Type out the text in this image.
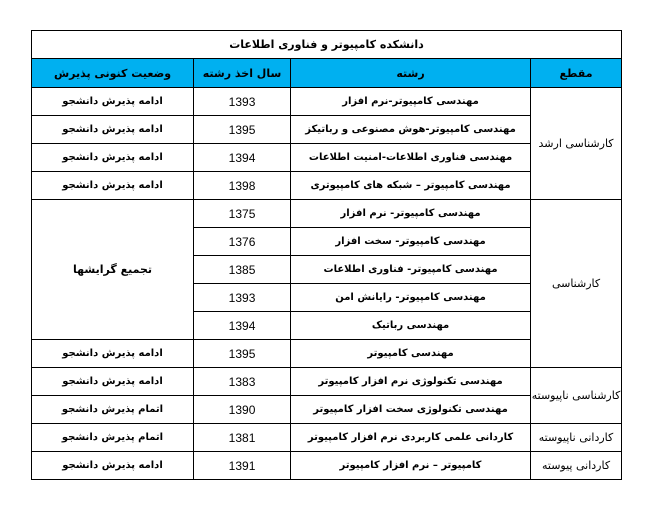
دانشکده کامپیوتر و فناوری اطلاعات			
مقطع	رشته	سال اخذ رشته	وضعیت کنونی پذیرش
کارشناسی ارشد	مهندسی کامپیوتر-نرم افزار	1393	ادامه پذیرش دانشجو
	مهندسی کامپیوتر-هوش مصنوعی و رباتیکز	1395	ادامه پذیرش دانشجو
	مهندسی فناوری اطلاعات-امنیت اطلاعات	1394	ادامه پذیرش دانشجو
	مهندسی کامپیوتر – شبکه های کامپیوتری	1398	ادامه پذیرش دانشجو
کارشناسی	مهندسی کامپیوتر- نرم افزار	1375	تجمیع گرایشها
	مهندسی کامپیوتر- سخت افزار	1376	
	مهندسی کامپیوتر- فناوری اطلاعات	1385	
	مهندسی کامپیوتر- رایانش امن	1393	
	مهندسی رباتیک	1394	
	مهندسی کامپیوتر	1395	ادامه پذیرش دانشجو
کارشناسی ناپیوسته	مهندسی تکنولوژی نرم افزار کامپیوتر	1383	ادامه پذیرش دانشجو
	مهندسی تکنولوژی سخت افزار کامپیوتر	1390	اتمام پذیرش دانشجو
کاردانی ناپیوسته	کاردانی علمی کاربردی نرم افزار کامپیوتر	1381	اتمام پذیرش دانشجو
کاردانی پیوسته	کامپیوتر – نرم افزار کامپیوتر	1391	ادامه پذیرش دانشجو
